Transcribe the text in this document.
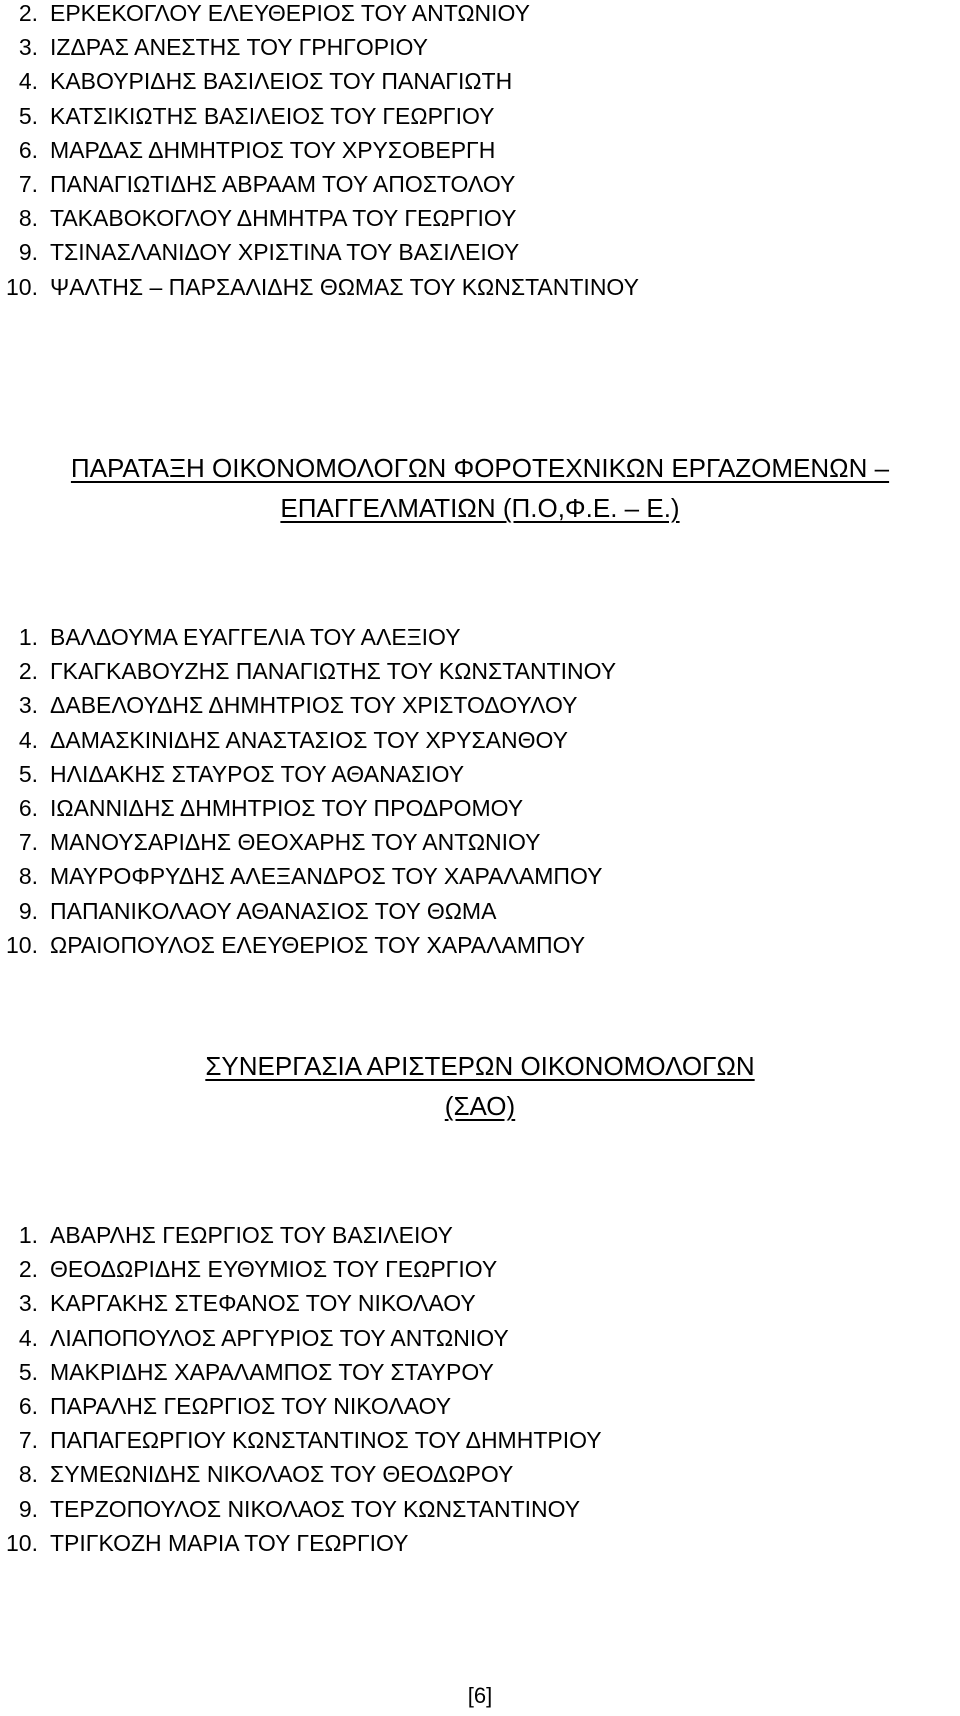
2. ΕΡΚΕΚΟΓΛΟΥ ΕΛΕΥΘΕΡΙΟΣ ΤΟΥ ΑΝΤΩΝΙΟΥ
3. ΙΖΔΡΑΣ ΑΝΕΣΤΗΣ ΤΟΥ ΓΡΗΓΟΡΙΟΥ
4. ΚΑΒΟΥΡΙΔΗΣ ΒΑΣΙΛΕΙΟΣ ΤΟΥ ΠΑΝΑΓΙΩΤΗ
5. ΚΑΤΣΙΚΙΩΤΗΣ ΒΑΣΙΛΕΙΟΣ ΤΟΥ ΓΕΩΡΓΙΟΥ
6. ΜΑΡΔΑΣ ΔΗΜΗΤΡΙΟΣ ΤΟΥ ΧΡΥΣΟΒΕΡΓΗ
7. ΠΑΝΑΓΙΩΤΙΔΗΣ ΑΒΡΑΑΜ ΤΟΥ ΑΠΟΣΤΟΛΟΥ
8. ΤΑΚΑΒΟΚΟΓΛΟΥ ΔΗΜΗΤΡΑ ΤΟΥ ΓΕΩΡΓΙΟΥ
9. ΤΣΙΝΑΣΛΑΝΙΔΟΥ ΧΡΙΣΤΙΝΑ ΤΟΥ ΒΑΣΙΛΕΙΟΥ
10. ΨΑΛΤΗΣ – ΠΑΡΣΑΛΙΔΗΣ ΘΩΜΑΣ ΤΟΥ ΚΩΝΣΤΑΝΤΙΝΟΥ
ΠΑΡΑΤΑΞΗ ΟΙΚΟΝΟΜΟΛΟΓΩΝ ΦΟΡΟΤΕΧΝΙΚΩΝ ΕΡΓΑΖΟΜΕΝΩΝ –
ΕΠΑΓΓΕΛΜΑΤΙΩΝ (Π.Ο,Φ.Ε. – Ε.)
1. ΒΑΛΔΟΥΜΑ ΕΥΑΓΓΕΛΙΑ ΤΟΥ ΑΛΕΞΙΟΥ
2. ΓΚΑΓΚΑΒΟΥΖΗΣ ΠΑΝΑΓΙΩΤΗΣ ΤΟΥ ΚΩΝΣΤΑΝΤΙΝΟΥ
3. ΔΑΒΕΛΟΥΔΗΣ ΔΗΜΗΤΡΙΟΣ ΤΟΥ ΧΡΙΣΤΟΔΟΥΛΟΥ
4. ΔΑΜΑΣΚΙΝΙΔΗΣ ΑΝΑΣΤΑΣΙΟΣ ΤΟΥ ΧΡΥΣΑΝΘΟΥ
5. ΗΛΙΔΑΚΗΣ ΣΤΑΥΡΟΣ ΤΟΥ ΑΘΑΝΑΣΙΟΥ
6. ΙΩΑΝΝΙΔΗΣ ΔΗΜΗΤΡΙΟΣ ΤΟΥ ΠΡΟΔΡΟΜΟΥ
7. ΜΑΝΟΥΣΑΡΙΔΗΣ ΘΕΟΧΑΡΗΣ ΤΟΥ ΑΝΤΩΝΙΟΥ
8. ΜΑΥΡΟΦΡΥΔΗΣ ΑΛΕΞΑΝΔΡΟΣ ΤΟΥ ΧΑΡΑΛΑΜΠΟΥ
9. ΠΑΠΑΝΙΚΟΛΑΟΥ ΑΘΑΝΑΣΙΟΣ ΤΟΥ ΘΩΜΑ
10. ΩΡΑΙΟΠΟΥΛΟΣ ΕΛΕΥΘΕΡΙΟΣ ΤΟΥ ΧΑΡΑΛΑΜΠΟΥ
ΣΥΝΕΡΓΑΣΙΑ ΑΡΙΣΤΕΡΩΝ ΟΙΚΟΝΟΜΟΛΟΓΩΝ
(ΣΑΟ)
1. ΑΒΑΡΛΗΣ ΓΕΩΡΓΙΟΣ ΤΟΥ ΒΑΣΙΛΕΙΟΥ
2. ΘΕΟΔΩΡΙΔΗΣ ΕΥΘΥΜΙΟΣ ΤΟΥ ΓΕΩΡΓΙΟΥ
3. ΚΑΡΓΑΚΗΣ ΣΤΕΦΑΝΟΣ ΤΟΥ ΝΙΚΟΛΑΟΥ
4. ΛΙΑΠΟΠΟΥΛΟΣ ΑΡΓΥΡΙΟΣ ΤΟΥ ΑΝΤΩΝΙΟΥ
5. ΜΑΚΡΙΔΗΣ ΧΑΡΑΛΑΜΠΟΣ ΤΟΥ ΣΤΑΥΡΟΥ
6. ΠΑΡΑΛΗΣ ΓΕΩΡΓΙΟΣ ΤΟΥ ΝΙΚΟΛΑΟΥ
7. ΠΑΠΑΓΕΩΡΓΙΟΥ ΚΩΝΣΤΑΝΤΙΝΟΣ ΤΟΥ ΔΗΜΗΤΡΙΟΥ
8. ΣΥΜΕΩΝΙΔΗΣ ΝΙΚΟΛΑΟΣ ΤΟΥ ΘΕΟΔΩΡΟΥ
9. ΤΕΡΖΟΠΟΥΛΟΣ ΝΙΚΟΛΑΟΣ ΤΟΥ ΚΩΝΣΤΑΝΤΙΝΟΥ
10. ΤΡΙΓΚΟΖΗ ΜΑΡΙΑ ΤΟΥ ΓΕΩΡΓΙΟΥ
[6]
